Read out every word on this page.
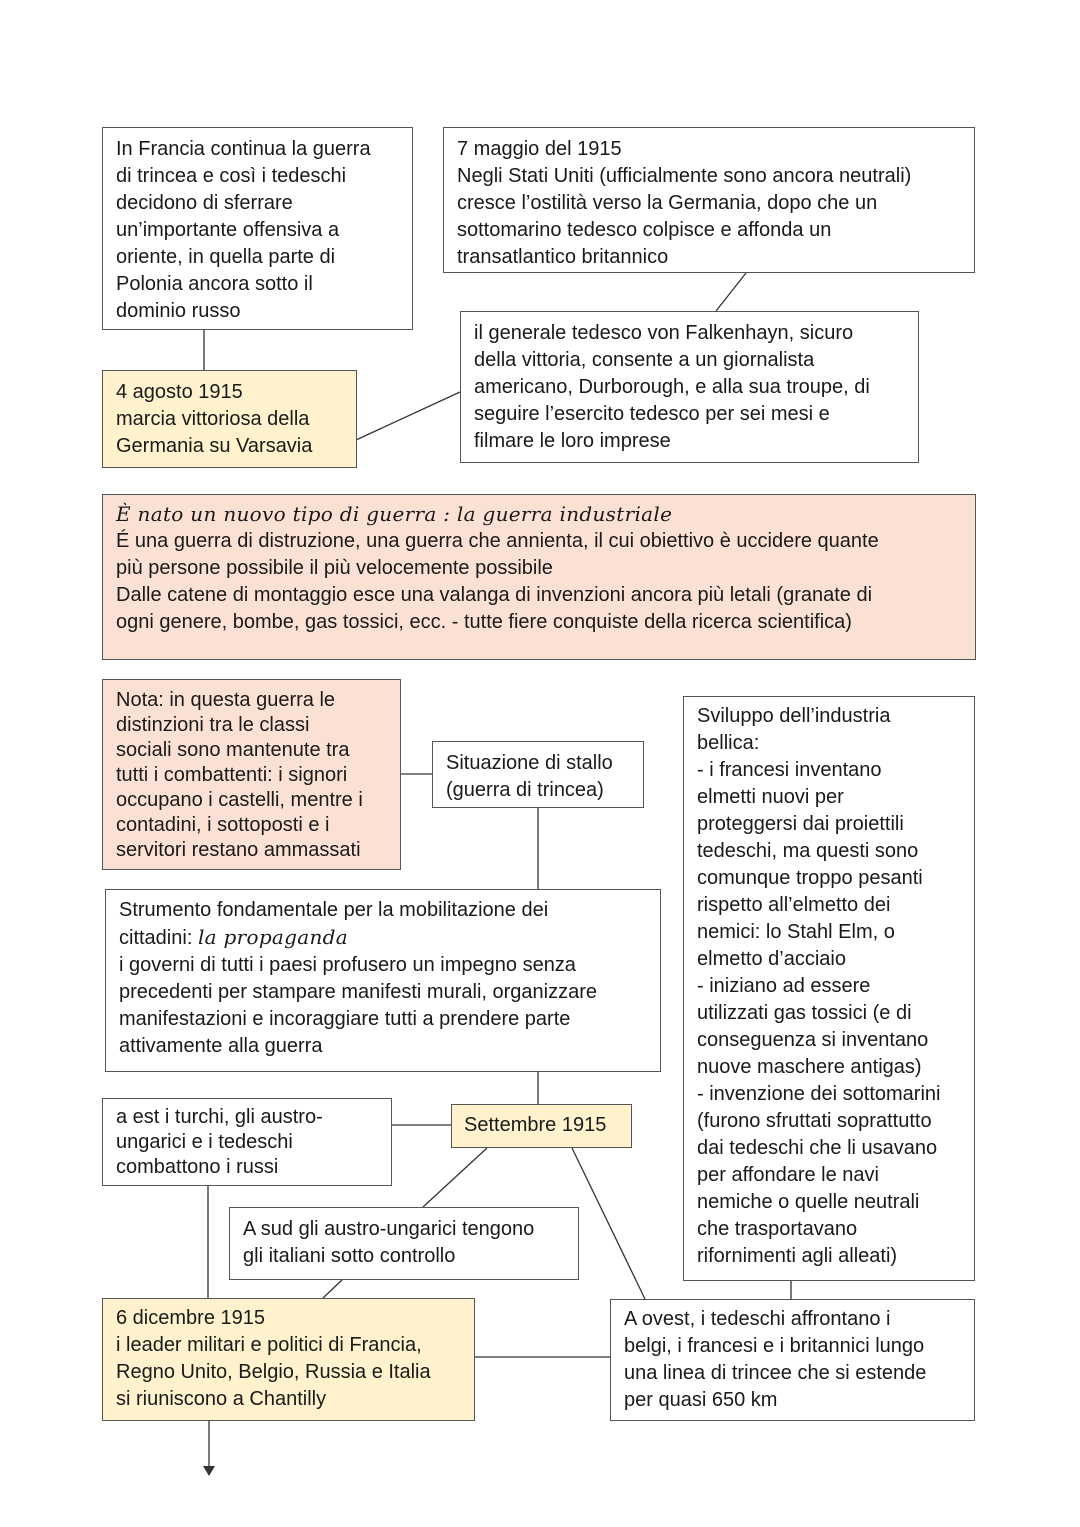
In Francia continua la guerra
di trincea e così i tedeschi
decidono di sferrare
un’importante offensiva a
oriente, in quella parte di
Polonia ancora sotto il
dominio russo
7 maggio del 1915
Negli Stati Uniti (ufficialmente sono ancora neutrali)
cresce l’ostilità verso la Germania, dopo che un
sottomarino tedesco colpisce e affonda un
transatlantico britannico
4 agosto 1915
marcia vittoriosa della
Germania su Varsavia
il generale tedesco von Falkenhayn, sicuro
della vittoria, consente a un giornalista
americano, Durborough, e alla sua troupe, di
seguire l’esercito tedesco per sei mesi e
filmare le loro imprese
È nato un nuovo tipo di guerra : la guerra industriale
É una guerra di distruzione, una guerra che annienta, il cui obiettivo è uccidere quante
più persone possibile il più velocemente possibile
Dalle catene di montaggio esce una valanga di invenzioni ancora più letali (granate di
ogni genere, bombe, gas tossici, ecc. - tutte fiere conquiste della ricerca scientifica)
Nota: in questa guerra le
distinzioni tra le classi
sociali sono mantenute tra
tutti i combattenti: i signori
occupano i castelli, mentre i
contadini, i sottoposti e i
servitori restano ammassati
Situazione di stallo
(guerra di trincea)
Sviluppo dell’industria
bellica:
- i francesi inventano
elmetti nuovi per
proteggersi dai proiettili
tedeschi, ma questi sono
comunque troppo pesanti
rispetto all’elmetto dei
nemici: lo Stahl Elm, o
elmetto d’acciaio
- iniziano ad essere
utilizzati gas tossici (e di
conseguenza si inventano
nuove maschere antigas)
- invenzione dei sottomarini
(furono sfruttati soprattutto
dai tedeschi che li usavano
per affondare le navi
nemiche o quelle neutrali
che trasportavano
rifornimenti agli alleati)
Strumento fondamentale per la mobilitazione dei
cittadini: la propaganda
i governi di tutti i paesi profusero un impegno senza
precedenti per stampare manifesti murali, organizzare
manifestazioni e incoraggiare tutti a prendere parte
attivamente alla guerra
a est i turchi, gli austro-
ungarici e i tedeschi
combattono i russi
Settembre 1915
A sud gli austro-ungarici tengono
gli italiani sotto controllo
6 dicembre 1915
i leader militari e politici di Francia,
Regno Unito, Belgio, Russia e Italia
si riuniscono a Chantilly
A ovest, i tedeschi affrontano i
belgi, i francesi e i britannici lungo
una linea di trincee che si estende
per quasi 650 km
